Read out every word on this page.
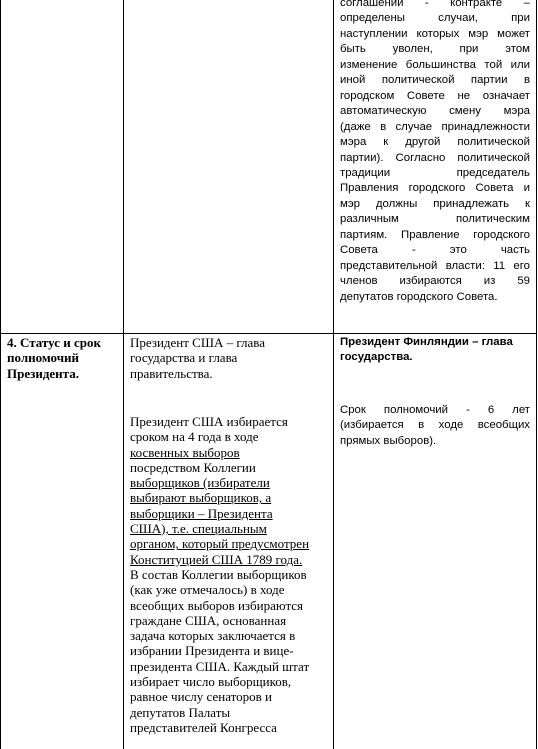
соглашении - контракте –
определены случаи, при
наступлении которых мэр может
быть уволен, при этом
изменение большинства той или
иной политической партии в
городском Совете не означает
автоматическую смену мэра
(даже в случае принадлежности
мэра к другой политической
партии). Согласно политической
традиции председатель
Правления городского Совета и
мэр должны принадлежать к
различным политическим
партиям. Правление городского
Совета - это часть
представительной власти: 11 его
членов избираются из 59
депутатов городского Совета.
4. Статус и срок
полномочий
Президента.
Президент США – глава
государства и глава
правительства.
Президент США избирается
сроком на 4 года в ходе
косвенных выборов
посредством Коллегии
выборщиков (избиратели
выбирают выборщиков, а
выборщики – Президента
США), т.е. специальным
органом, который предусмотрен
Конституцией США 1789 года.
В состав Коллегии выборщиков
(как уже отмечалось) в ходе
всеобщих выборов избираются
граждане США, основанная
задача которых заключается в
избрании Президента и вице-
президента США. Каждый штат
избирает число выборщиков,
равное числу сенаторов и
депутатов Палаты
представителей Конгресса
Президент Финляндии – глава
государства.
Срок полномочий - 6 лет
(избирается в ходе всеобщих
прямых выборов).
